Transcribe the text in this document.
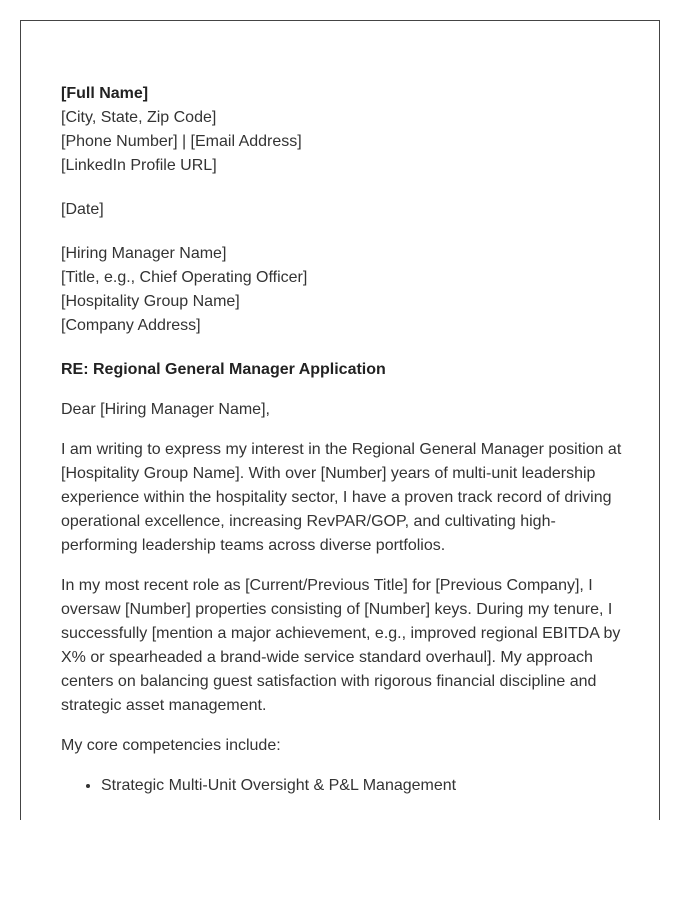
[Full Name]
[City, State, Zip Code]
[Phone Number] | [Email Address]
[LinkedIn Profile URL]
[Date]
[Hiring Manager Name]
[Title, e.g., Chief Operating Officer]
[Hospitality Group Name]
[Company Address]
RE: Regional General Manager Application

Dear [Hiring Manager Name],

I am writing to express my interest in the Regional General Manager position at [Hospitality Group Name]. With over [Number] years of multi-unit leadership experience within the hospitality sector, I have a proven track record of driving operational excellence, increasing RevPAR/GOP, and cultivating high-performing leadership teams across diverse portfolios.

In my most recent role as [Current/Previous Title] for [Previous Company], I oversaw [Number] properties consisting of [Number] keys. During my tenure, I successfully [mention a major achievement, e.g., improved regional EBITDA by X% or spearheaded a brand-wide service standard overhaul]. My approach centers on balancing guest satisfaction with rigorous financial discipline and strategic asset management.

My core competencies include:

• Strategic Multi-Unit Oversight & P&L Management
